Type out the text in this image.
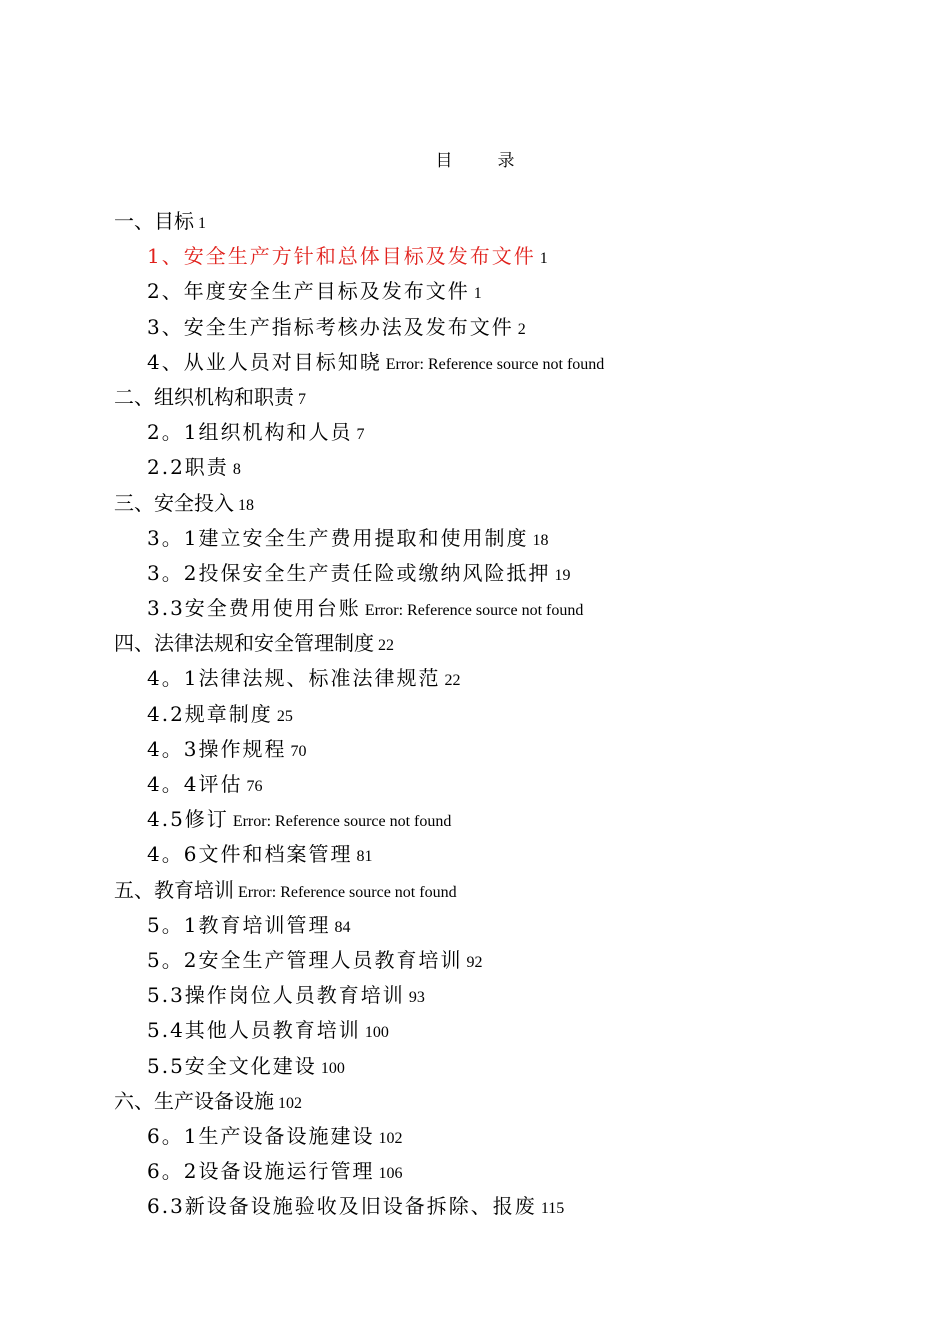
目　录
一、目标 1
1、安全生产方针和总体目标及发布文件 1
2、年度安全生产目标及发布文件 1
3、安全生产指标考核办法及发布文件 2
4、从业人员对目标知晓 Error: Reference source not found
二、组织机构和职责 7
2。1组织机构和人员 7
2.2职责 8
三、安全投入 18
3。1建立安全生产费用提取和使用制度 18
3。2投保安全生产责任险或缴纳风险抵押 19
3.3安全费用使用台账 Error: Reference source not found
四、法律法规和安全管理制度 22
4。1法律法规、标准法律规范 22
4.2规章制度 25
4。3操作规程 70
4。4评估 76
4.5修订 Error: Reference source not found
4。6文件和档案管理 81
五、教育培训 Error: Reference source not found
5。1教育培训管理 84
5。2安全生产管理人员教育培训 92
5.3操作岗位人员教育培训 93
5.4其他人员教育培训 100
5.5安全文化建设 100
六、生产设备设施 102
6。1生产设备设施建设 102
6。2设备设施运行管理 106
6.3新设备设施验收及旧设备拆除、报废 115
